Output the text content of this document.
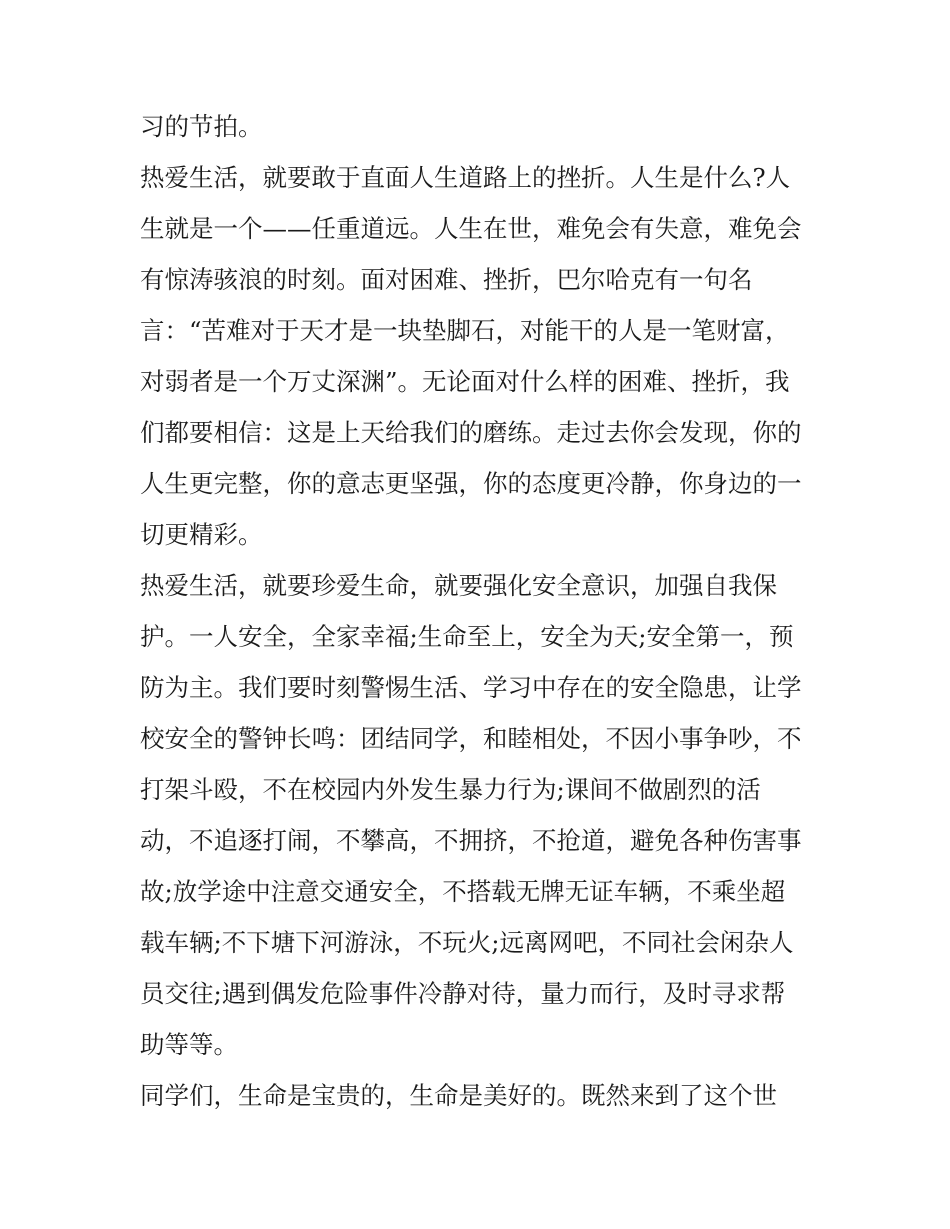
习的节拍。
热爱生活，就要敢于直面人生道路上的挫折。人生是什么?人
生就是一个——任重道远。人生在世，难免会有失意，难免会
有惊涛骇浪的时刻。面对困难、挫折，巴尔哈克有一句名
言：“苦难对于天才是一块垫脚石，对能干的人是一笔财富，
对弱者是一个万丈深渊”。无论面对什么样的困难、挫折，我
们都要相信：这是上天给我们的磨练。走过去你会发现，你的
人生更完整，你的意志更坚强，你的态度更冷静，你身边的一
切更精彩。
热爱生活，就要珍爱生命，就要强化安全意识，加强自我保
护。一人安全，全家幸福;生命至上，安全为天;安全第一，预
防为主。我们要时刻警惕生活、学习中存在的安全隐患，让学
校安全的警钟长鸣：团结同学，和睦相处，不因小事争吵，不
打架斗殴，不在校园内外发生暴力行为;课间不做剧烈的活
动，不追逐打闹，不攀高，不拥挤，不抢道，避免各种伤害事
故;放学途中注意交通安全，不搭载无牌无证车辆，不乘坐超
载车辆;不下塘下河游泳，不玩火;远离网吧，不同社会闲杂人
员交往;遇到偶发危险事件冷静对待，量力而行，及时寻求帮
助等等。
同学们，生命是宝贵的，生命是美好的。既然来到了这个世
